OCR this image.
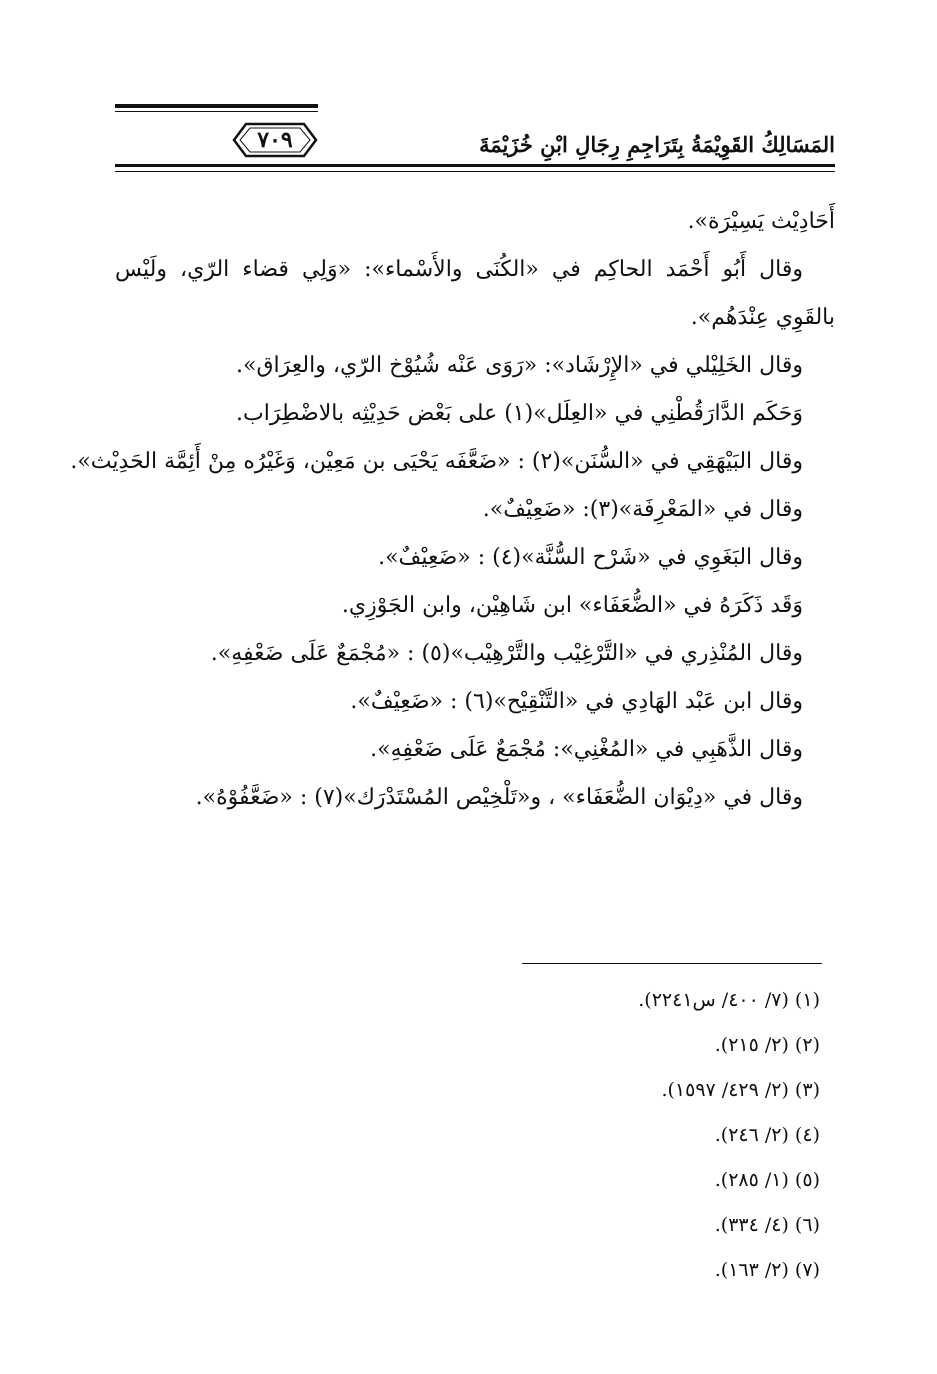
٧٠٩	المَسَالِكُ القَوِيْمَةُ بِتَرَاجِمِ رِجَالِ ابْنِ خُزَيْمَةَ
أَحَادِيْث يَسِيْرَة».
وقال أَبُو أَحْمَد الحاكِم في «الكُنَى والأَسْماء»: «وَلِي قضاء الرّي، ولَيْس
بالقَوِي عِنْدَهُم».
وقال الخَلِيْلي في «الإِرْشَاد»: «رَوَى عَنْه شُيُوْخ الرّي، والعِرَاق».
وَحَكَم الدَّارَقُطْنِي في «العِلَل»(١) على بَعْض حَدِيْثِه بالاضْطِرَاب.
وقال البَيْهَقِي في «السُّنَن»(٢) : «ضَعَّفَه يَحْيَى بن مَعِيْن، وَغَيْرُه مِنْ أَئِمَّة الحَدِيْث».
وقال في «المَعْرِفَة»(٣): «ضَعِيْفٌ».
وقال البَغَوِي في «شَرْح السُّنَّة»(٤) : «ضَعِيْفٌ».
وَقَد ذَكَرَهُ في «الضُّعَفَاء» ابن شَاهِيْن، وابن الجَوْزِي.
وقال المُنْذِري في «التَّرْغِيْب والتَّرْهِيْب»(٥) : «مُجْمَعٌ عَلَى ضَعْفِهِ».
وقال ابن عَبْد الهَادِي في «التَّنْقِيْح»(٦) : «ضَعِيْفٌ».
وقال الذَّهَبِي في «المُغْنِي»: مُجْمَعٌ عَلَى ضَعْفِهِ».
وقال في «دِيْوَان الضُّعَفَاء» ، و«تَلْخِيْص المُسْتَدْرَك»(٧) : «ضَعَّفُوْهُ».
(١) (٧/ ٤٠٠/ س٢٢٤١).
(٢) (٢/ ٢١٥).
(٣) (٢/ ٤٢٩/ ١٥٩٧).
(٤) (٢/ ٢٤٦).
(٥) (١/ ٢٨٥).
(٦) (٤/ ٣٣٤).
(٧) (٢/ ١٦٣).
